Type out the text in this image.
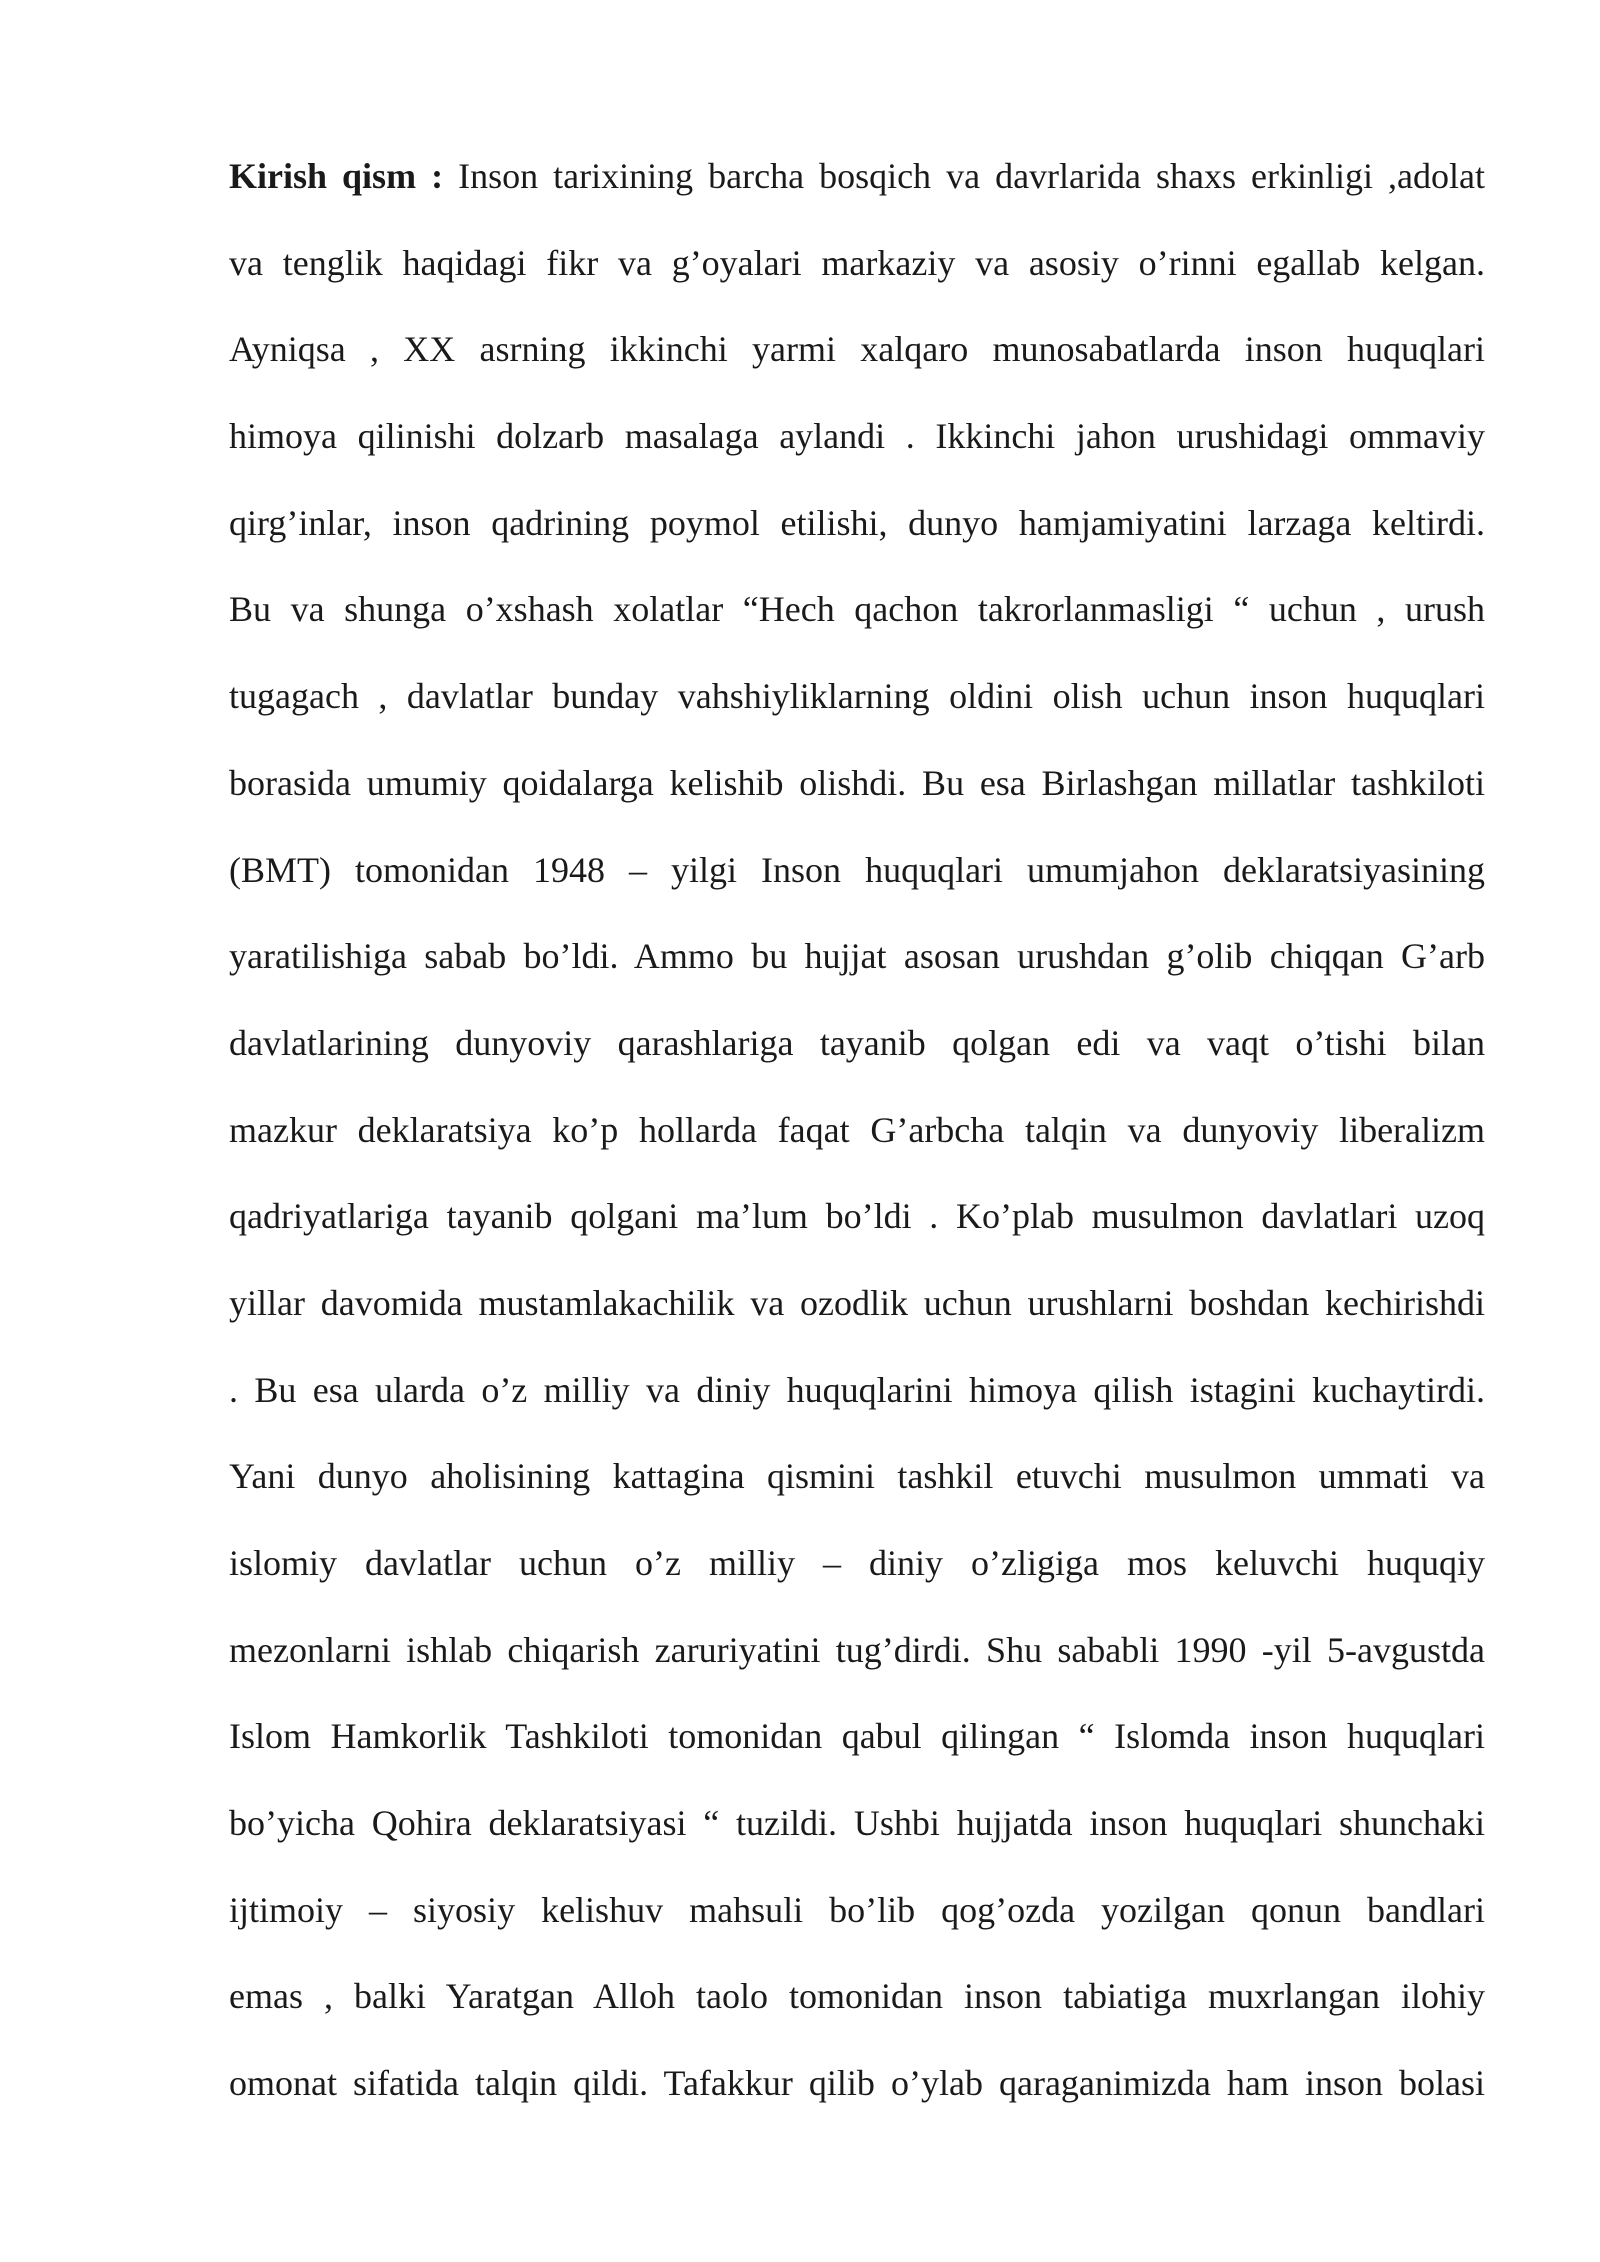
Kirish qism : Inson tarixining barcha bosqich va davrlarida shaxs erkinligi ,adolat
va tenglik haqidagi fikr va g’oyalari markaziy va asosiy o’rinni egallab kelgan.
Ayniqsa , XX asrning ikkinchi yarmi xalqaro munosabatlarda inson huquqlari
himoya qilinishi dolzarb masalaga aylandi . Ikkinchi jahon urushidagi ommaviy
qirg’inlar, inson qadrining poymol etilishi, dunyo hamjamiyatini larzaga keltirdi.
Bu va shunga o’xshash xolatlar “Hech qachon takrorlanmasligi “ uchun , urush
tugagach , davlatlar bunday vahshiyliklarning oldini olish uchun inson huquqlari
borasida umumiy qoidalarga kelishib olishdi. Bu esa Birlashgan millatlar tashkiloti
(BMT) tomonidan 1948 – yilgi Inson huquqlari umumjahon deklaratsiyasining
yaratilishiga sabab bo’ldi. Ammo bu hujjat asosan urushdan g’olib chiqqan G’arb
davlatlarining dunyoviy qarashlariga tayanib qolgan edi va vaqt o’tishi bilan
mazkur deklaratsiya ko’p hollarda faqat G’arbcha talqin va dunyoviy liberalizm
qadriyatlariga tayanib qolgani ma’lum bo’ldi . Ko’plab musulmon davlatlari uzoq
yillar davomida mustamlakachilik va ozodlik uchun urushlarni boshdan kechirishdi
. Bu esa ularda o’z milliy va diniy huquqlarini himoya qilish istagini kuchaytirdi.
Yani dunyo aholisining kattagina qismini tashkil etuvchi musulmon ummati va
islomiy davlatlar uchun o’z milliy – diniy o’zligiga mos keluvchi huquqiy
mezonlarni ishlab chiqarish zaruriyatini tug’dirdi. Shu sababli 1990 -yil 5-avgustda
Islom Hamkorlik Tashkiloti tomonidan qabul qilingan “ Islomda inson huquqlari
bo’yicha Qohira deklaratsiyasi “ tuzildi. Ushbi hujjatda inson huquqlari shunchaki
ijtimoiy – siyosiy kelishuv mahsuli bo’lib qog’ozda yozilgan qonun bandlari
emas , balki Yaratgan Alloh taolo tomonidan inson tabiatiga muxrlangan ilohiy
omonat sifatida talqin qildi. Tafakkur qilib o’ylab qaraganimizda ham inson bolasi
